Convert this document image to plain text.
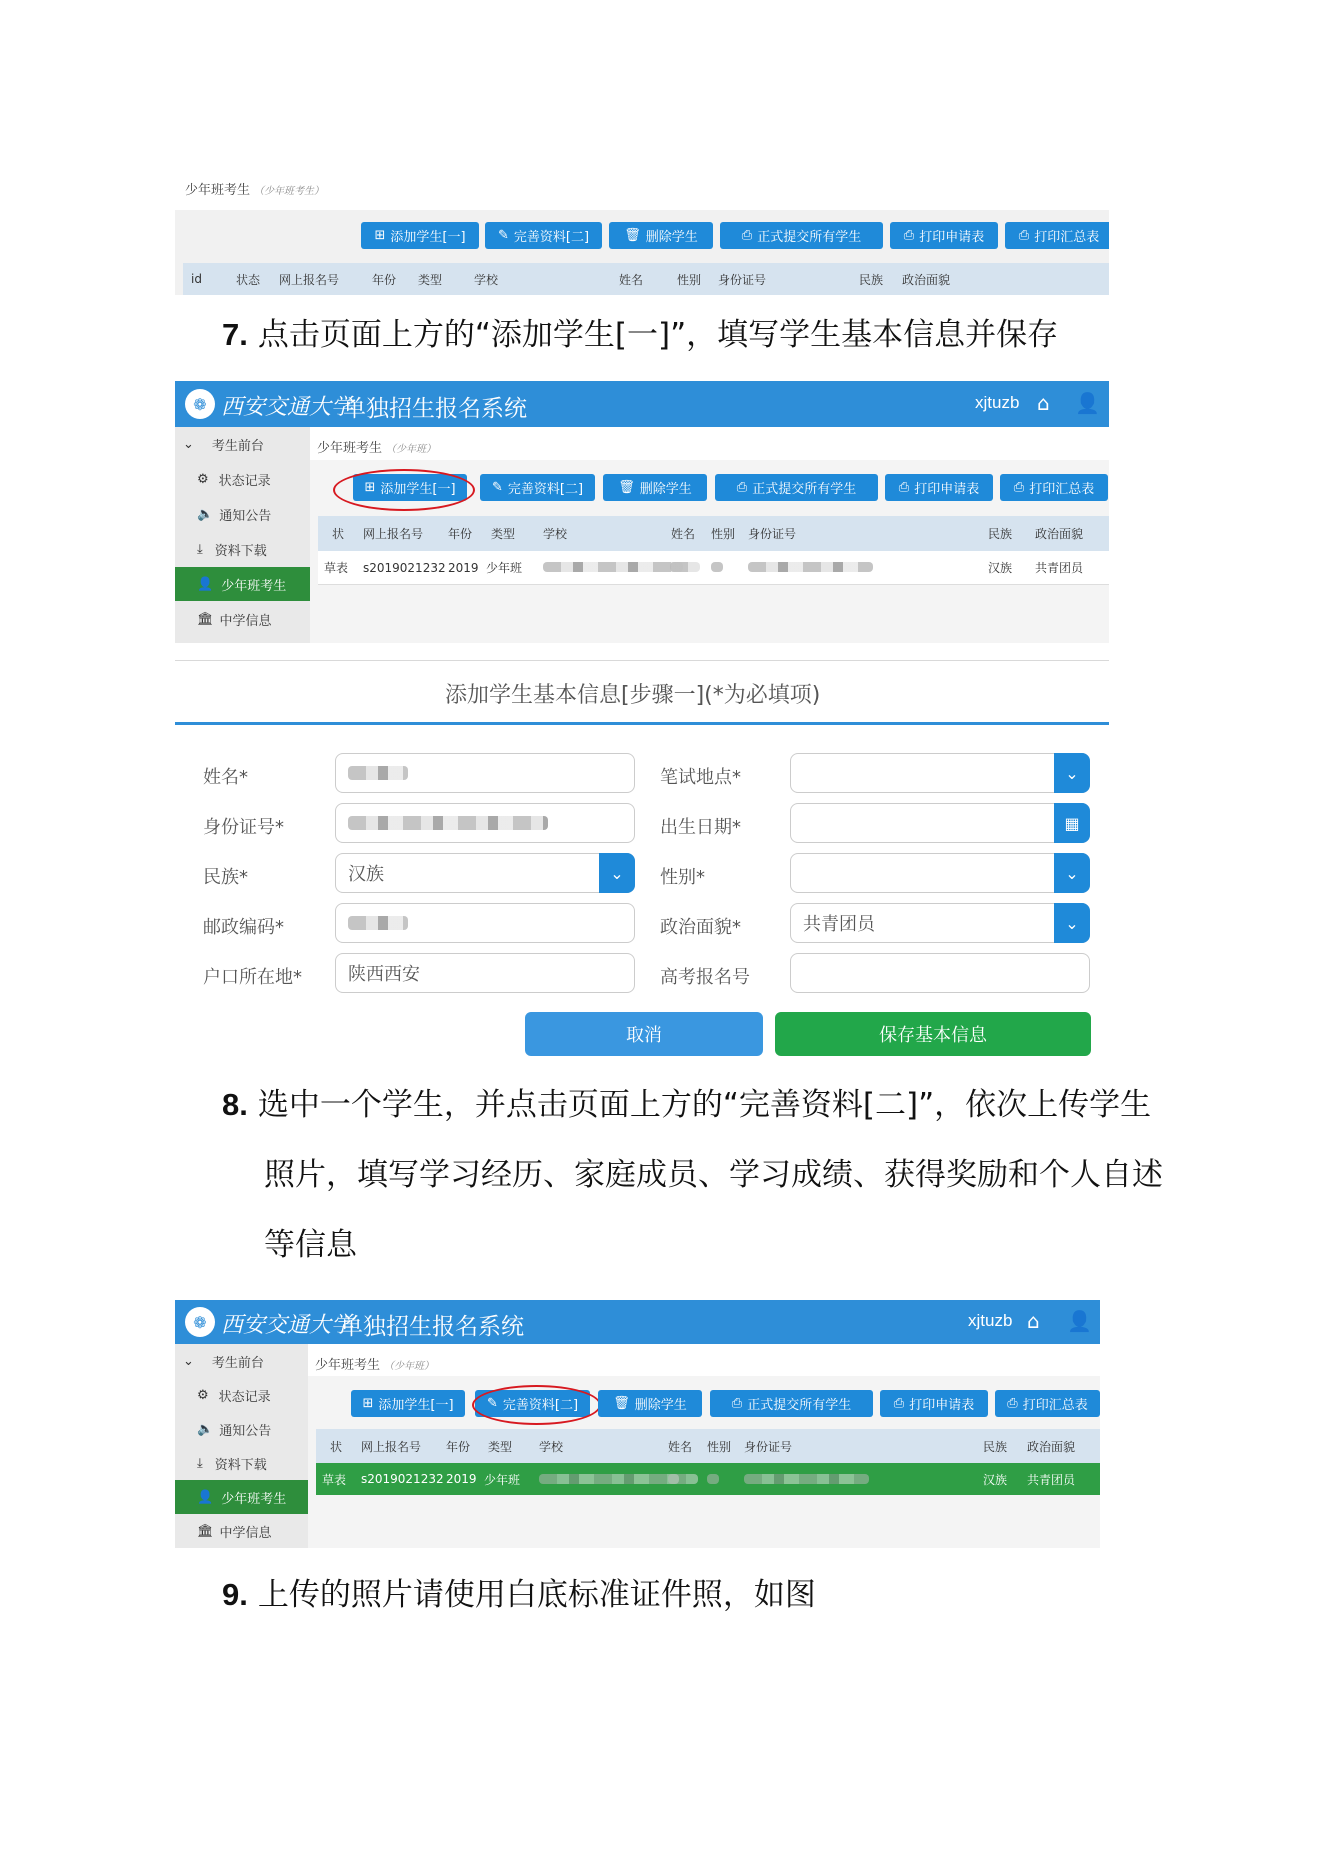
少年班考生 （少年班考生）
⊞ 添加学生[一] ✎ 完善资料[二]	🗑 删除学生	⎙ 正式提交所有学生	⎙ 打印申请表	⎙ 打印汇总表
id	状态 网上报名号	年份 类型	学校	姓名	性别 身份证号	民族 政治面貌
7. 点击页面上方的“添加学生[一]”，填写学生基本信息并保存
❁ 西安交通大学
单独招生报名系统	xjtuzb ⌂ 👤
⌄ 考生前台
⚙ 状态记录
🔈 通知公告
⤓ 资料下载
👤 少年班考生
🏛 中学信息
少年班考生 （少年班）
⊞ 添加学生[一]	✎ 完善资料[二]	🗑 删除学生	⎙ 正式提交所有学生	⎙ 打印申请表	⎙ 打印汇总表
状 网上报名号 年份 类型 学校	姓名 性别 身份证号	民族 政治面貌
草表 s2019021232 2019 少年班	汉族 共青团员
添加学生基本信息[步骤一](*为必填项)
姓名*
身份证号*
民族*	汉族	⌄
邮政编码*
户口所在地*	陕西西安
笔试地点*	⌄
出生日期*	▦
性别*	⌄
政治面貌*	共青团员	⌄
高考报名号
取消	保存基本信息
8. 选中一个学生，并点击页面上方的“完善资料[二]”，依次上传学生
照片，填写学习经历、家庭成员、学习成绩、获得奖励和个人自述
等信息
❁ 西安交通大学
单独招生报名系统	xjtuzb ⌂ 👤
⌄ 考生前台
⚙ 状态记录
🔈 通知公告
⤓ 资料下载
👤 少年班考生
🏛 中学信息
少年班考生 （少年班）
⊞ 添加学生[一]	✎ 完善资料[二]	🗑 删除学生	⎙ 正式提交所有学生	⎙ 打印申请表	⎙ 打印汇总表
状 网上报名号 年份 类型 学校	姓名 性别 身份证号	民族 政治面貌
草表 s2019021232 2019 少年班	汉族 共青团员
9. 上传的照片请使用白底标准证件照，如图
